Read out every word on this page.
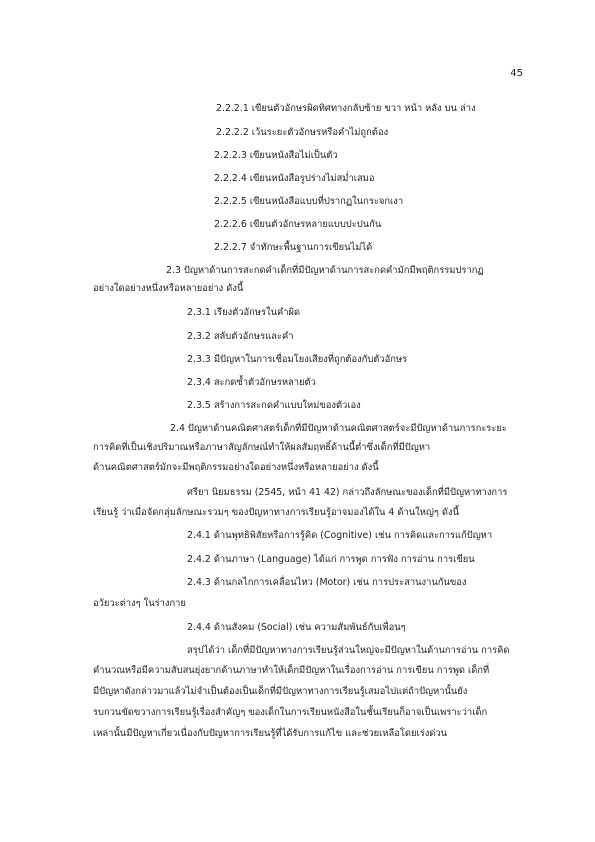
45
2.2.2.1 เขียนตัวอักษรผิดทิศทางกลับซ้าย ขวา หน้า หลัง บน ล่าง
2.2.2.2 เว้นระยะตัวอักษรหรือคำไม่ถูกต้อง
2.2.2.3 เขียนหนังสือไม่เป็นตัว
2.2.2.4 เขียนหนังสือรูปร่างไม่สม่ำเสมอ
2.2.2.5 เขียนหนังสือแบบที่ปรากฏในกระจกเงา
2.2.2.6 เขียนตัวอักษรหลายแบบปะปนกัน
2.2.2.7 จำทักษะพื้นฐานการเขียนไม่ได้
2.3 ปัญหาด้านการสะกดคำเด็กที่มีปัญหาด้านการสะกดคำมักมีพฤติกรรมปรากฏ
อย่างใดอย่างหนึ่งหรือหลายอย่าง ดังนี้
2.3.1 เรียงตัวอักษรในคำผิด
2.3.2 สลับตัวอักษรและคำ
2.3.3 มีปัญหาในการเชื่อมโยงเสียงที่ถูกต้องกับตัวอักษร
2.3.4 สะกดซ้ำตัวอักษรหลายตัว
2.3.5 สร้างการสะกดคำแบบใหม่ของตัวเอง
2.4 ปัญหาด้านคณิตศาสตร์เด็กที่มีปัญหาด้านคณิตศาสตร์จะมีปัญหาด้านการกะระยะ
การคิดที่เป็นเชิงปริมาณหรือภาษาสัญลักษณ์ทำให้ผลสัมฤทธิ์ด้านนี้ต่ำซึ่งเด็กที่มีปัญหา
ด้านคณิตศาสตร์มักจะมีพฤติกรรมอย่างใดอย่างหนึ่งหรือหลายอย่าง ดังนี้
ศรียา นิยมธรรม (2545, หน้า 41 42) กล่าวถึงลักษณะของเด็กที่มีปัญหาทางการ
เรียนรู้ ว่าเมื่อจัดกลุ่มลักษณะรวมๆ ของปัญหาทางการเรียนรู้อาจมองได้ใน 4 ด้านใหญ่ๆ ดังนี้
2.4.1 ด้านพุทธิพิสัยหรือการรู้คิด (Cognitive) เช่น การคิดและการแก้ปัญหา
2.4.2 ด้านภาษา (Language) ได้แก่ การพูด การฟัง การอ่าน การเขียน
2.4.3 ด้านกลไกการเคลื่อนไหว (Motor) เช่น การประสานงานกันของ
อวัยวะต่างๆ ในร่างกาย
2.4.4 ด้านสังคม (Social) เช่น ความสัมพันธ์กับเพื่อนๆ
สรุปได้ว่า เด็กที่มีปัญหาทางการเรียนรู้ส่วนใหญ่จะมีปัญหาในด้านการอ่าน การคิด
คำนวณหรือมีความสับสนยุ่งยากด้านภาษาทำให้เด็กมีปัญหาในเรื่องการอ่าน การเขียน การพูด เด็กที่
มีปัญหาดังกล่าวมาแล้วไม่จำเป็นต้องเป็นเด็กที่มีปัญหาทางการเรียนรู้เสมอไปแต่ถ้าปัญหานั้นยัง
รบกวนขัดขวางการเรียนรู้เรื่องสำคัญๆ ของเด็กในการเรียนหนังสือในชั้นเรียนก็อาจเป็นเพราะว่าเด็ก
เหล่านั้นมีปัญหาเกี่ยวเนื่องกับปัญหาการเรียนรู้ที่ได้รับการแก้ไข และช่วยเหลือโดยเร่งด่วน
